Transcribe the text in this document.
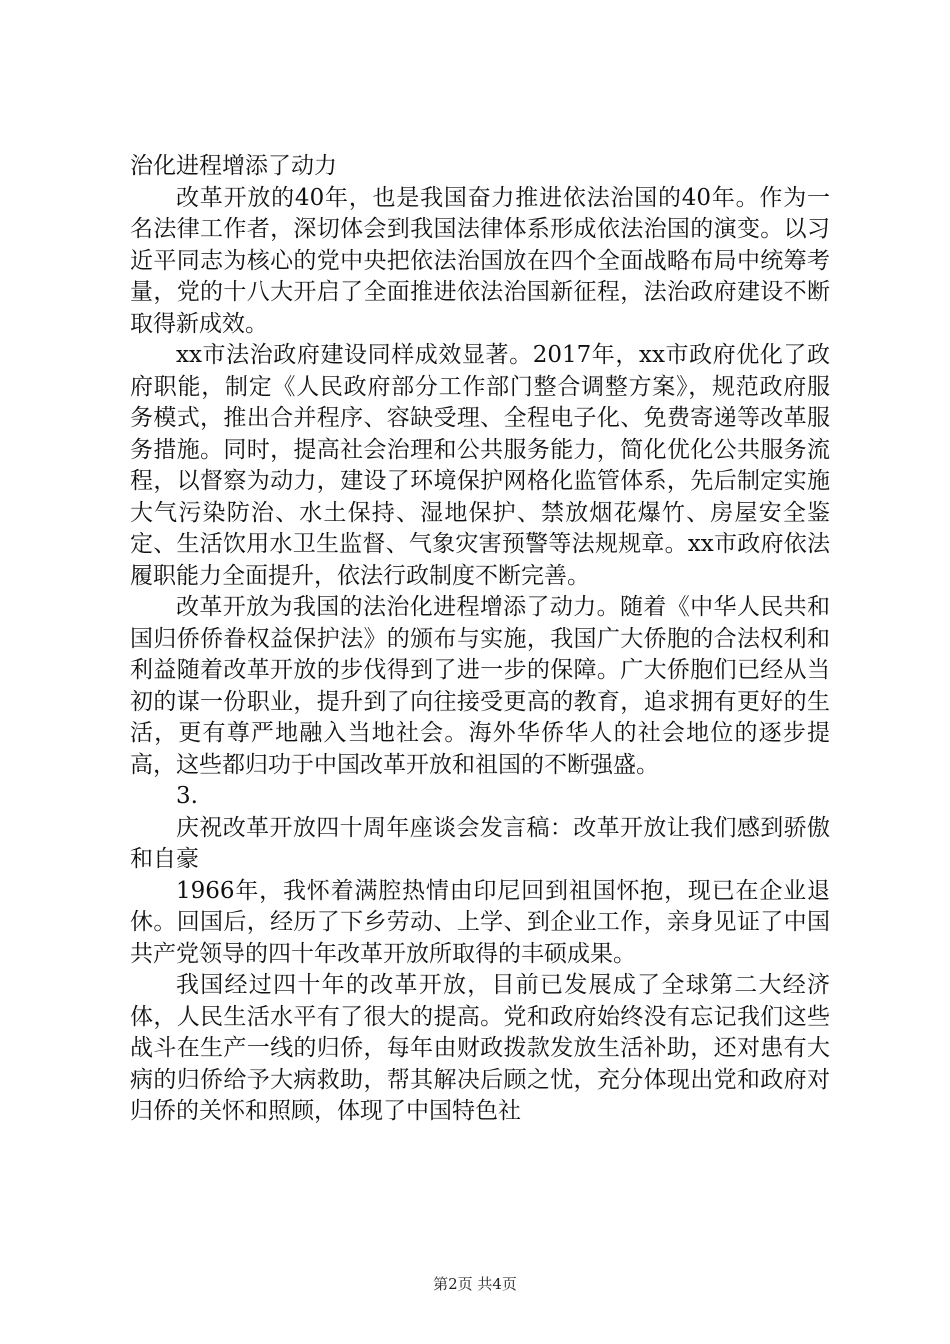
治化进程增添了动力

改革开放的40年，也是我国奋力推进依法治国的40年。作为一名法律工作者，深切体会到我国法律体系形成依法治国的演变。以习近平同志为核心的党中央把依法治国放在四个全面战略布局中统筹考量，党的十八大开启了全面推进依法治国新征程，法治政府建设不断取得新成效。

xx市法治政府建设同样成效显著。2017年，xx市政府优化了政府职能，制定《人民政府部分工作部门整合调整方案》，规范政府服务模式，推出合并程序、容缺受理、全程电子化、免费寄递等改革服务措施。同时，提高社会治理和公共服务能力，简化优化公共服务流程，以督察为动力，建设了环境保护网格化监管体系，先后制定实施大气污染防治、水土保持、湿地保护、禁放烟花爆竹、房屋安全鉴定、生活饮用水卫生监督、气象灾害预警等法规规章。xx市政府依法履职能力全面提升，依法行政制度不断完善。

改革开放为我国的法治化进程增添了动力。随着《中华人民共和国归侨侨眷权益保护法》的颁布与实施，我国广大侨胞的合法权利和利益随着改革开放的步伐得到了进一步的保障。广大侨胞们已经从当初的谋一份职业，提升到了向往接受更高的教育，追求拥有更好的生活，更有尊严地融入当地社会。海外华侨华人的社会地位的逐步提高，这些都归功于中国改革开放和祖国的不断强盛。

3.

庆祝改革开放四十周年座谈会发言稿：改革开放让我们感到骄傲和自豪

1966年，我怀着满腔热情由印尼回到祖国怀抱，现已在企业退休。回国后，经历了下乡劳动、上学、到企业工作，亲身见证了中国共产党领导的四十年改革开放所取得的丰硕成果。

我国经过四十年的改革开放，目前已发展成了全球第二大经济体，人民生活水平有了很大的提高。党和政府始终没有忘记我们这些战斗在生产一线的归侨，每年由财政拨款发放生活补助，还对患有大病的归侨给予大病救助，帮其解决后顾之忧，充分体现出党和政府对归侨的关怀和照顾，体现了中国特色社

第2页 共4页
